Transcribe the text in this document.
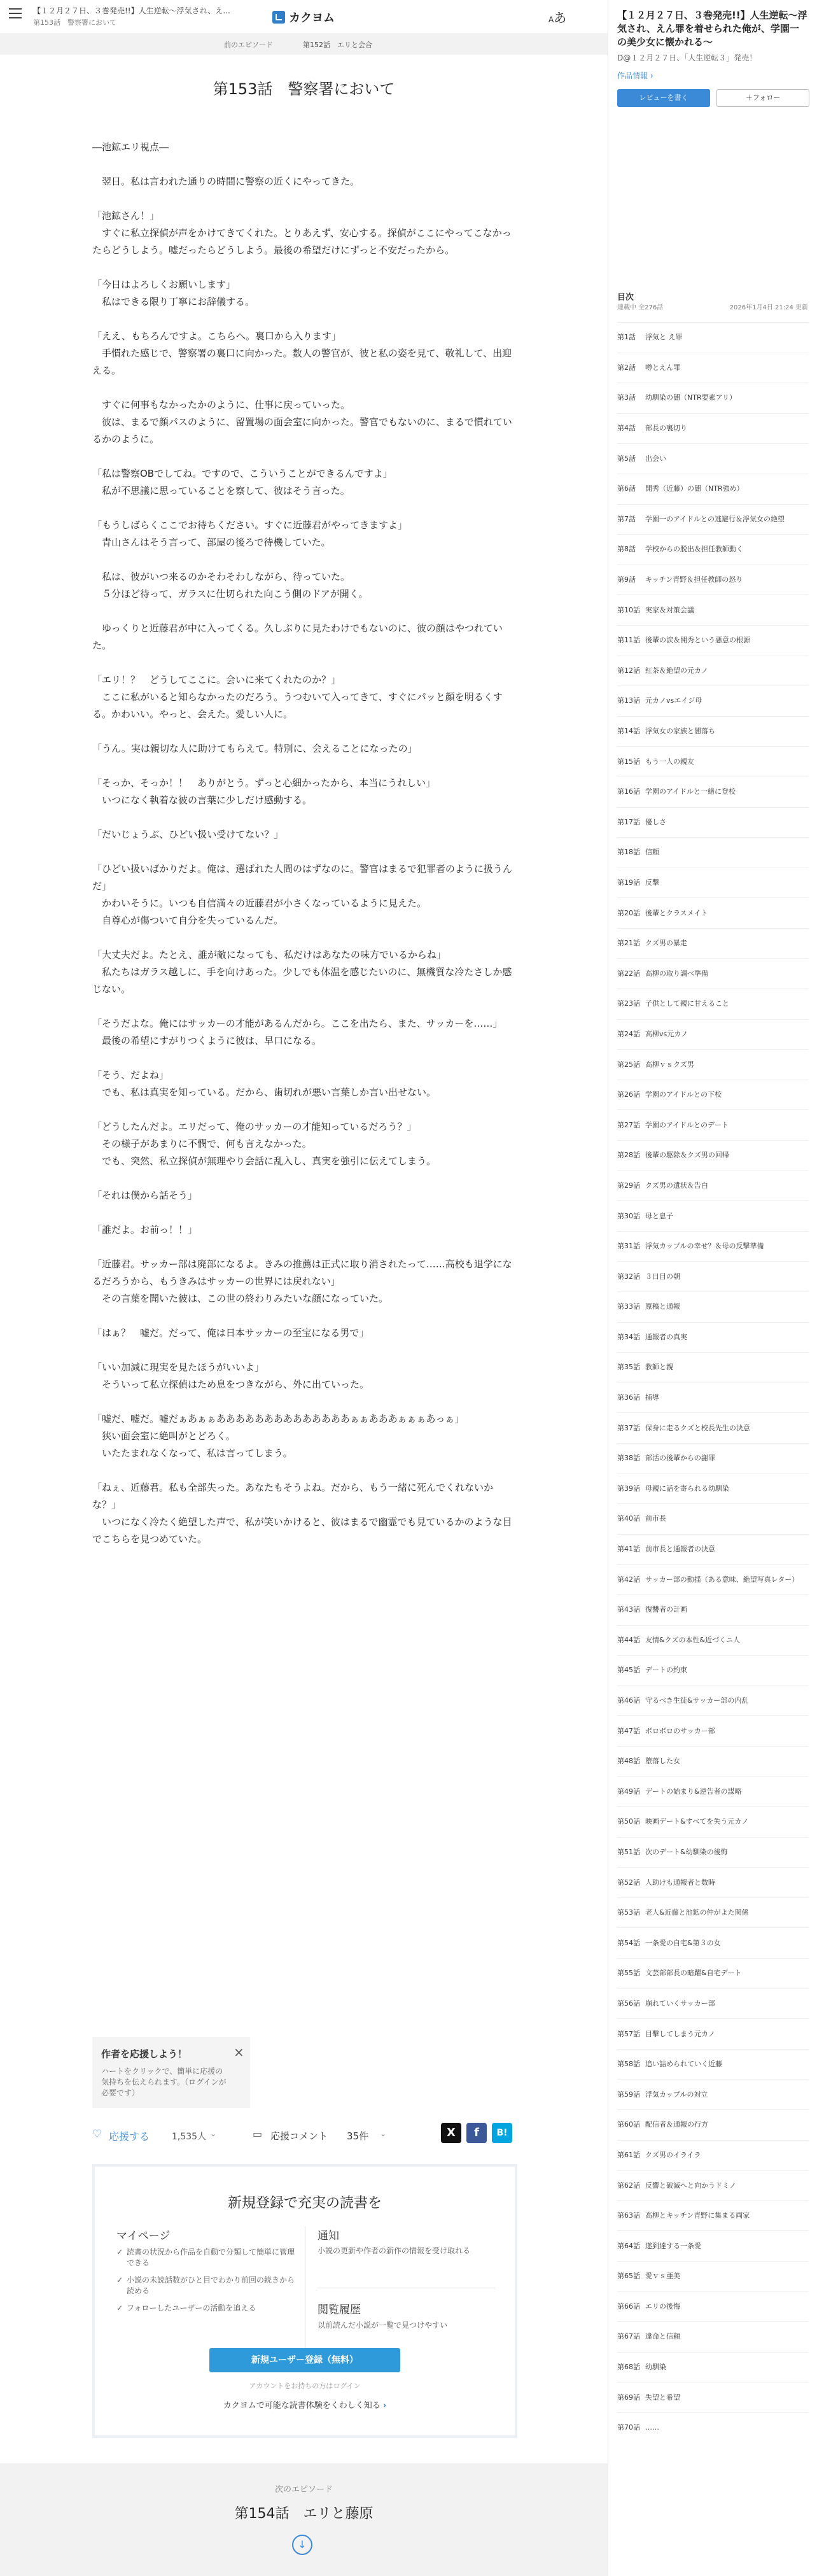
【１２月２７日、３巻発売!!】人生逆転〜浮気され、え...
第153話　警察署において	カクヨム	Aあ
前のエピソード	第152話　エリと会合
第153話　警察署において

―池鉱エリ視点―

　翌日。私は言われた通りの時間に警察の近くにやってきた。

「池鉱さん！」

　すぐに私立探偵が声をかけてきてくれた。とりあえず、安心する。探偵がここにやってこなかったらどうしよう。嘘だったらどうしよう。最後の希望だけにずっと不安だったから。

「今日はよろしくお願いします」

　私はできる限り丁寧にお辞儀する。

「ええ、もちろんですよ。こちらへ。裏口から入ります」

　手慣れた感じで、警察署の裏口に向かった。数人の警官が、彼と私の姿を見て、敬礼して、出迎える。

　すぐに何事もなかったかのように、仕事に戻っていった。

　彼は、まるで顔パスのように、留置場の面会室に向かった。警官でもないのに、まるで慣れているかのように。

「私は警察OBでしてね。ですので、こういうことができるんですよ」

　私が不思議に思っていることを察して、彼はそう言った。

「もうしばらくここでお待ちください。すぐに近藤君がやってきますよ」

　青山さんはそう言って、部屋の後ろで待機していた。

　私は、彼がいつ来るのかそわそわしながら、待っていた。

　５分ほど待って、ガラスに仕切られた向こう側のドアが開く。

　ゆっくりと近藤君が中に入ってくる。久しぶりに見たわけでもないのに、彼の顔はやつれていた。

「エリ！？　どうしてここに。会いに来てくれたのか？」

　ここに私がいると知らなかったのだろう。うつむいて入ってきて、すぐにパッと顔を明るくする。かわいい。やっと、会えた。愛しい人に。

「うん。実は親切な人に助けてもらえて。特別に、会えることになったの」

「そっか、そっか！！　ありがとう。ずっと心細かったから、本当にうれしい」

　いつになく執着な彼の言葉に少しだけ感動する。

「だいじょうぶ、ひどい扱い受けてない？」

「ひどい扱いばかりだよ。俺は、選ばれた人間のはずなのに。警官はまるで犯罪者のように扱うんだ」

　かわいそうに。いつも自信満々の近藤君が小さくなっているように見えた。

　自尊心が傷ついて自分を失っているんだ。

「大丈夫だよ。たとえ、誰が敵になっても、私だけはあなたの味方でいるからね」

　私たちはガラス越しに、手を向けあった。少しでも体温を感じたいのに、無機質な冷たさしか感じない。

「そうだよな。俺にはサッカーの才能があるんだから。ここを出たら、また、サッカーを……」

　最後の希望にすがりつくように彼は、早口になる。

「そう、だよね」

　でも、私は真実を知っている。だから、歯切れが悪い言葉しか言い出せない。

「どうしたんだよ。エリだって、俺のサッカーの才能知っているだろう？」

　その様子があまりに不憫で、何も言えなかった。

　でも、突然、私立探偵が無理やり会話に乱入し、真実を強引に伝えてしまう。

「それは僕から話そう」

「誰だよ。お前っ！！」

「近藤君。サッカー部は廃部になるよ。きみの推薦は正式に取り消されたって……高校も退学になるだろうから、もうきみはサッカーの世界には戻れない」

　その言葉を聞いた彼は、この世の終わりみたいな顔になっていた。

「はぁ？　嘘だ。だって、俺は日本サッカーの至宝になる男で」

「いい加減に現実を見たほうがいいよ」

　そういって私立探偵はため息をつきながら、外に出ていった。

「嘘だ、嘘だ。嘘だぁあぁぁああああああああああああああぁぁあああぁぁぁあっぁ」

　狭い面会室に絶叫がとどろく。

　いたたまれなくなって、私は言ってしまう。

「ねぇ、近藤君。私も全部失った。あなたもそうよね。だから、もう一緒に死んでくれないかな？」

　いつになく冷たく絶望した声で、私が笑いかけると、彼はまるで幽霊でも見ているかのような目でこちらを見つめていた。

作者を応援しよう！
ハートをクリックで、簡単に応援の気持ちを伝えられます。（ログインが必要です）
×
♡ 応援する 1,535人 ⌄	▭ 応援コメント 35件 ⌄	X	f	B!
新規登録で充実の読書を
マイページ
✓ 読書の状況から作品を自動で分類して簡単に管理できる
✓ 小説の未読話数がひと目でわかり前回の続きから読める
✓ フォローしたユーザーの活動を追える
通知
小説の更新や作者の新作の情報を受け取れる
閲覧履歴
以前読んだ小説が一覧で見つけやすい
新規ユーザー登録（無料）
アカウントをお持ちの方はログイン
カクヨムで可能な読書体験をくわしく知る ›
次のエピソード
第154話　エリと藤原
↓
【１２月２７日、３巻発売!!】人生逆転〜浮気され、えん罪を着せられた俺が、学園一の美少女に懐かれる〜
D@１２月２７日、「人生逆転３」発売！
作品情報 ›
レビューを書く	＋フォロー
目次
連載中 全276話	2026年1月4日 21:24 更新
第1話	浮気と え罪
第2話	噂とえん罪
第3話	幼馴染の闇（NTR要素アリ）
第4話	部長の裏切り
第5話	出会い
第6話	開秀（近藤）の闇（NTR強め）
第7話	学園一のアイドルとの逃避行＆浮気女の絶望
第8話	学校からの脱出＆担任教師動く
第9話	キッチン青野＆担任教師の怒り
第10話 実家＆対策会議
第11話 後輩の涙＆開秀という悪意の根源
第12話 紅茶＆絶望の元カノ
第13話 元カノvsエイジ母
第14話 浮気女の家族と闇落ち
第15話 もう一人の親友
第16話 学園のアイドルと一緒に登校
第17話 優しさ
第18話 信頼
第19話 反撃
第20話 後輩とクラスメイト
第21話 クズ男の暴走
第22話 高柳の取り調べ準備
第23話 子供として親に甘えること
第24話 高柳vs元カノ
第25話 高柳ｖｓクズ男
第26話 学園のアイドルとの下校
第27話 学園のアイドルとのデート
第28話 後輩の駆除＆クズ男の回帰
第29話 クズ男の遺状＆告白
第30話 母と息子
第31話 浮気カップルの幸せ？＆母の反撃準備
第32話 ３日目の朝
第33話 原稿と通報
第34話 通報者の真実
第35話 教師と親
第36話 捕導
第37話 保身に走るクズと校長先生の決意
第38話 部活の後輩からの謝罪
第39話 母親に話を寄られる幼馴染
第40話 前市長
第41話 前市長と通報者の決意
第42話 サッカー部の動揺（ある意味、絶望写真レター）
第43話 復讐者の計画
第44話 友情&クズの本性&近づくニ人
第45話 デートの約束
第46話 守るべき生徒&サッカー部の内乱
第47話 ボロボロのサッカー部
第48話 堕落した女
第49話 デートの始まり&逆告者の謀略
第50話 映画デート&すべてを失う元カノ
第51話 次のデート&幼馴染の後悔
第52話 人助けも通報者と数時
第53話 老人&近藤と池鉱の仲がよた関係
第54話 一条愛の自宅&第３の女
第55話 文芸部部長の暗躍&自宅デート
第56話 崩れていくサッカー部
第57話 目撃してしまう元カノ
第58話 追い詰められていく近藤
第59話 浮気カップルの対立
第60話 配信者＆通報の行方
第61話 クズ男のイライラ
第62話 反響と破滅へと向かうドミノ
第63話 高柳とキッチン青野に集まる両家
第64話 遂到達する一条愛
第65話 愛ｖｓ亜美
第66話 エリの後悔
第67話 違命と信頼
第68話 幼馴染
第69話 失望と希望
第70話 ……
